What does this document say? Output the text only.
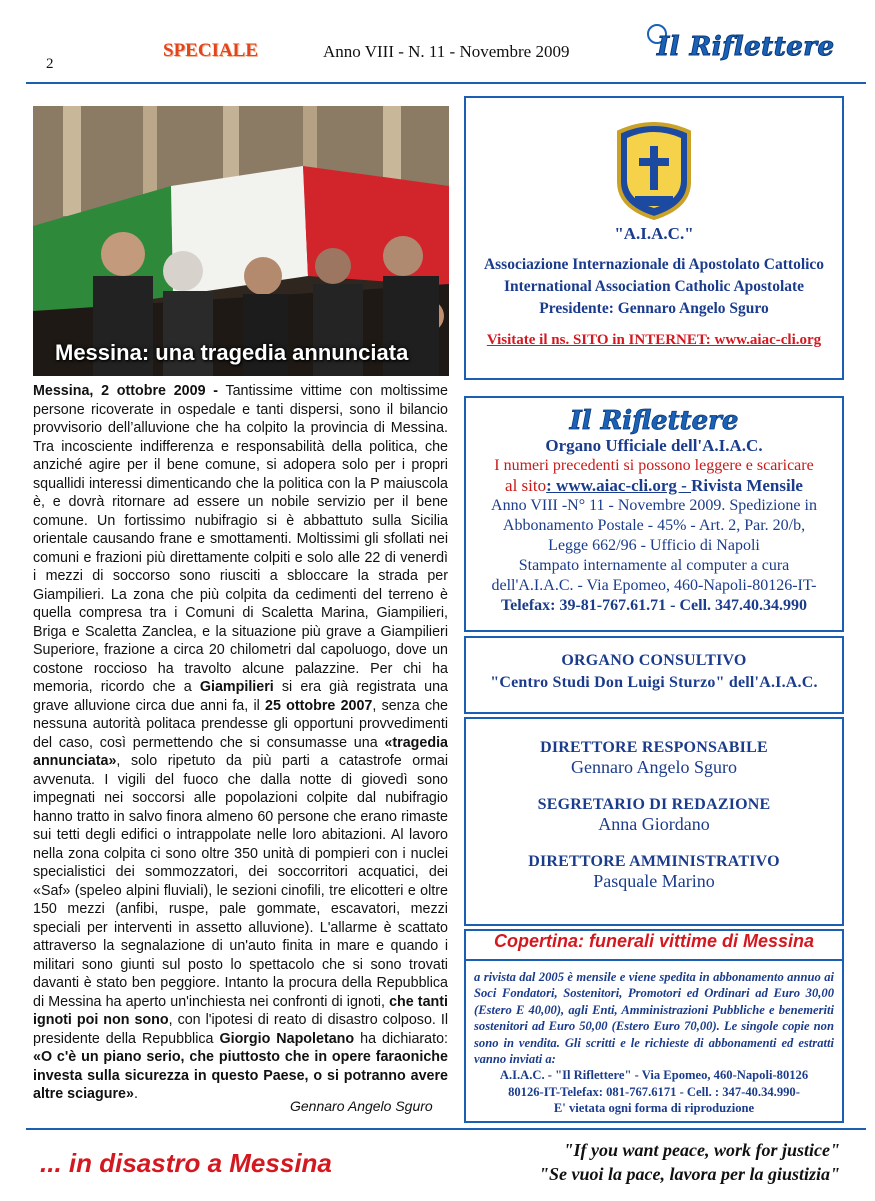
2
SPECIALE	Anno VIII - N. 11 - Novembre 2009	Il Riflettere
Messina: una tragedia annunciata
Messina, 2 ottobre 2009 - Tantissime vittime con moltissime persone ricoverate in ospedale e tanti dispersi, sono il bilancio provvisorio dell’alluvione che ha colpito la provincia di Messina. Tra incosciente indifferenza e responsabilità della politica, che anziché agire per il bene comune, si adopera solo per i propri squallidi interessi dimenticando che la politica con la P maiuscola è, e dovrà ritornare ad essere un nobile servizio per il bene comune. Un fortissimo nubifragio si è abbattuto sulla Sicilia orientale causando frane e smottamenti. Moltissimi gli sfollati nei comuni e frazioni più direttamente colpiti e solo alle 22 di venerdì i mezzi di soccorso sono riusciti a sbloccare la strada per Giampilieri. La zona che più colpita da cedimenti del terreno è quella compresa tra i Comuni di Scaletta Marina, Giampilieri, Briga e Scaletta Zanclea, e la situazione più grave a Giampilieri Superiore, frazione a circa 20 chilometri dal capoluogo, dove un costone roccioso ha travolto alcune palazzine. Per chi ha memoria, ricordo che a Giampilieri si era già registrata una grave alluvione circa due anni fa, il 25 ottobre 2007, senza che nessuna autorità politaca prendesse gli opportuni provvedimenti del caso, così permettendo che si consumasse una «tragedia annunciata», solo ripetuto da più parti a catastrofe ormai avvenuta. I vigili del fuoco che dalla notte di giovedì sono impegnati nei soccorsi alle popolazioni colpite dal nubifragio hanno tratto in salvo finora almeno 60 persone che erano rimaste sui tetti degli edifici o intrappolate nelle loro abitazioni. Al lavoro nella zona colpita ci sono oltre 350 unità di pompieri con i nuclei specialistici dei sommozzatori, dei soccorritori acquatici, dei «Saf» (speleo alpini fluviali), le sezioni cinofili, tre elicotteri e oltre 150 mezzi (anfibi, ruspe, pale gommate, escavatori, mezzi speciali per interventi in assetto alluvione). L'allarme è scattato attraverso la segnalazione di un'auto finita in mare e quando i militari sono giunti sul posto lo spettacolo che si sono trovati davanti è stato ben peggiore. Intanto la procura della Repubblica di Messina ha aperto un'inchiesta nei confronti di ignoti, che tanti ignoti poi non sono, con l'ipotesi di reato di disastro colposo. Il presidente della Repubblica Giorgio Napoletano ha dichiarato: «O c'è un piano serio, che piuttosto che in opere faraoniche investa sulla sicurezza in questo Paese, o si potranno avere altre sciagure».
Gennaro Angelo Sguro
"A.I.A.C."
Associazione Internazionale di Apostolato Cattolico
International Association Catholic Apostolate
Presidente: Gennaro Angelo Sguro
Visitate il ns. SITO in INTERNET: www.aiac-cli.org
Il Riflettere
Organo Ufficiale dell'A.I.A.C.
I numeri precedenti si possono leggere e scaricare
al sito: www.aiac-cli.org - Rivista Mensile
Anno VIII -N° 11 - Novembre 2009. Spedizione in
Abbonamento Postale - 45% - Art. 2, Par. 20/b,
Legge 662/96 - Ufficio di Napoli
Stampato internamente al computer a cura
dell'A.I.A.C. - Via Epomeo, 460-Napoli-80126-IT-
Telefax: 39-81-767.61.71 - Cell. 347.40.34.990
ORGANO CONSULTIVO
"Centro Studi Don Luigi Sturzo" dell'A.I.A.C.
DIRETTORE RESPONSABILE
Gennaro Angelo Sguro
SEGRETARIO DI REDAZIONE
Anna Giordano
DIRETTORE AMMINISTRATIVO
Pasquale Marino
a rivista dal 2005 è mensile e viene spedita in abbonamento annuo ai Soci Fondatori, Sostenitori, Promotori ed Ordinari ad Euro 30,00 (Estero E 40,00), agli Enti, Amministrazioni Pubbliche e benemeriti sostenitori ad Euro 50,00 (Estero Euro 70,00). Le singole copie non sono in vendita. Gli scritti e le richieste di abbonamenti ed estratti vanno inviati a:
A.I.A.C. - "Il Riflettere" - Via Epomeo, 460-Napoli-80126
80126-IT-Telefax: 081-767.6171 - Cell. : 347-40.34.990-
E' vietata ogni forma di riproduzione
Copertina: funerali vittime di Messina
... in disastro a Messina	"If you want peace, work for justice"
"Se vuoi la pace, lavora per la giustizia"
